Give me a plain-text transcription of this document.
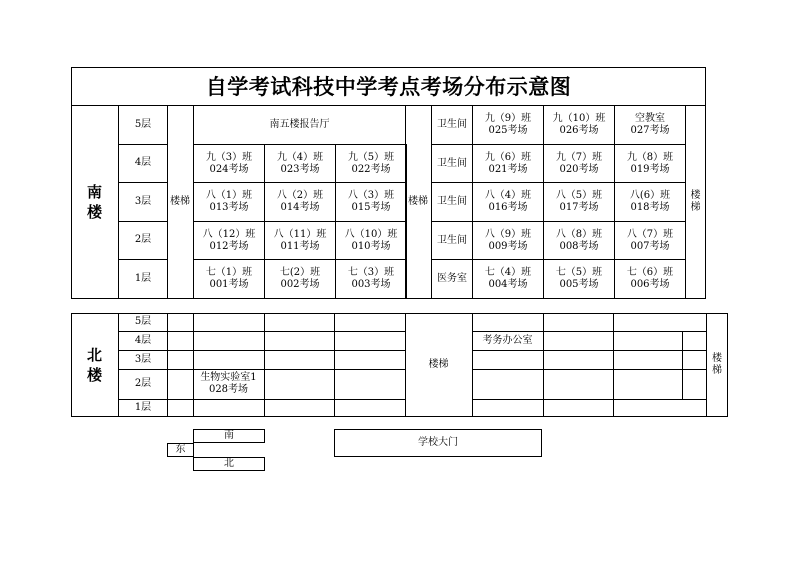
自学考试科技中学考点考场分布示意图
南
楼
5层
4层
3层
2层
1层
楼梯	楼梯
楼
梯
南五楼报告厅
九（3）班
024考场
九（4）班
023考场
九（5）班
022考场
八（1）班
013考场
八（2）班
014考场
八（3）班
015考场
八（12）班
012考场
八（11）班
011考场
八（10）班
010考场
七（1）班
001考场
七(2）班
002考场
七（3）班
003考场
卫生间
卫生间
卫生间
卫生间
医务室
九（9）班
025考场
九（10）班
026考场
空教室
027考场
九（6）班
021考场
九（7）班
020考场
九（8）班
019考场
八（4）班
016考场
八（5）班
017考场
八(6）班
018考场
八（9）班
009考场
八（8）班
008考场
八（7）班
007考场
七（4）班
004考场
七（5）班
005考场
七（6）班
006考场
北
楼
5层
4层
3层
2层
1层
生物实验室1
028考场
楼梯
考务办公室
楼
梯
南
东
北
学校大门
